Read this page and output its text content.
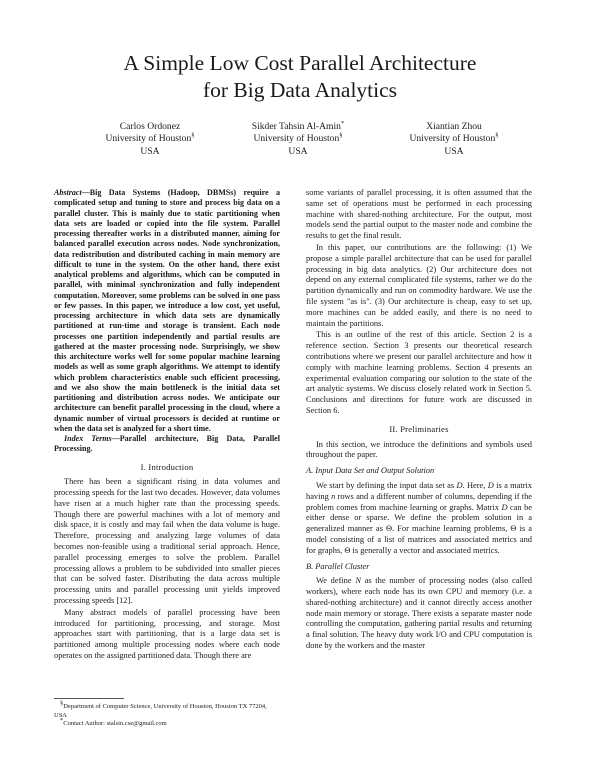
A Simple Low Cost Parallel Architecture
for Big Data Analytics
Carlos Ordonez
University of Houston§
USA
Sikder Tahsin Al-Amin*
University of Houston§
USA
Xiantian Zhou
University of Houston§
USA

Abstract—Big Data Systems (Hadoop, DBMSs) require a complicated setup and tuning to store and process big data on a parallel cluster. This is mainly due to static partitioning when data sets are loaded or copied into the file system. Parallel processing thereafter works in a distributed manner, aiming for balanced parallel execution across nodes. Node synchronization, data redistribution and distributed caching in main memory are difficult to tune in the system. On the other hand, there exist analytical problems and algorithms, which can be computed in parallel, with minimal synchronization and fully independent computation. Moreover, some problems can be solved in one pass or few passes. In this paper, we introduce a low cost, yet useful, processing architecture in which data sets are dynamically partitioned at run-time and storage is transient. Each node processes one partition independently and partial results are gathered at the master processing node. Surprisingly, we show this architecture works well for some popular machine learning models as well as some graph algorithms. We attempt to identify which problem characteristics enable such efficient processing, and we also show the main bottleneck is the initial data set partitioning and distribution across nodes. We anticipate our architecture can benefit parallel processing in the cloud, where a dynamic number of virtual processors is decided at runtime or when the data set is analyzed for a short time.

Index Terms—Parallel architecture, Big Data, Parallel Processing.

I. Introduction

There has been a significant rising in data volumes and processing speeds for the last two decades. However, data volumes have risen at a much higher rate than the processing speeds. Though there are powerful machines with a lot of memory and disk space, it is costly and may fail when the data volume is huge. Therefore, processing and analyzing large volumes of data becomes non-feasible using a traditional serial approach. Hence, parallel processing emerges to solve the problem. Parallel processing allows a problem to be subdivided into smaller pieces that can be solved faster. Distributing the data across multiple processing units and parallel processing unit yields improved processing speeds [12].

Many abstract models of parallel processing have been introduced for partitioning, processing, and storage. Most approaches start with partitioning, that is a large data set is partitioned among multiple processing nodes where each node operates on the assigned partitioned data. Though there are

§Department of Computer Science, University of Houston, Houston TX 77204, USA
*Contact Author: stalsin.cse@gmail.com

some variants of parallel processing, it is often assumed that the same set of operations must be performed in each processing machine with shared-nothing architecture. For the output, most models send the partial output to the master node and combine the results to get the final result.

In this paper, our contributions are the following: (1) We propose a simple parallel architecture that can be used for parallel processing in big data analytics. (2) Our architecture does not depend on any external complicated file systems, rather we do the partition dynamically and run on commodity hardware. We use the file system "as is". (3) Our architecture is cheap, easy to set up, more machines can be added easily, and there is no need to maintain the partitions.

This is an outline of the rest of this article. Section 2 is a reference section. Section 3 presents our theoretical research contributions where we present our parallel architecture and how it comply with machine learning problems. Section 4 presents an experimental evaluation comparing our solution to the state of the art analytic systems. We discuss closely related work in Section 5. Conclusions and directions for future work are discussed in Section 6.

II. Preliminaries

In this section, we introduce the definitions and symbols used throughout the paper.

A. Input Data Set and Output Solution

We start by defining the input data set as D. Here, D is a matrix having n rows and a different number of columns, depending if the problem comes from machine learning or graphs. Matrix D can be either dense or sparse. We define the problem solution in a generalized manner as Θ. For machine learning problems, Θ is a model consisting of a list of matrices and associated metrics and for graphs, Θ is generally a vector and associated metrics.

B. Parallel Cluster

We define N as the number of processing nodes (also called workers), where each node has its own CPU and memory (i.e. a shared-nothing architecture) and it cannot directly access another node main memory or storage. There exists a separate master node controlling the computation, gathering partial results and returning a final solution. The heavy duty work I/O and CPU computation is done by the workers and the master
